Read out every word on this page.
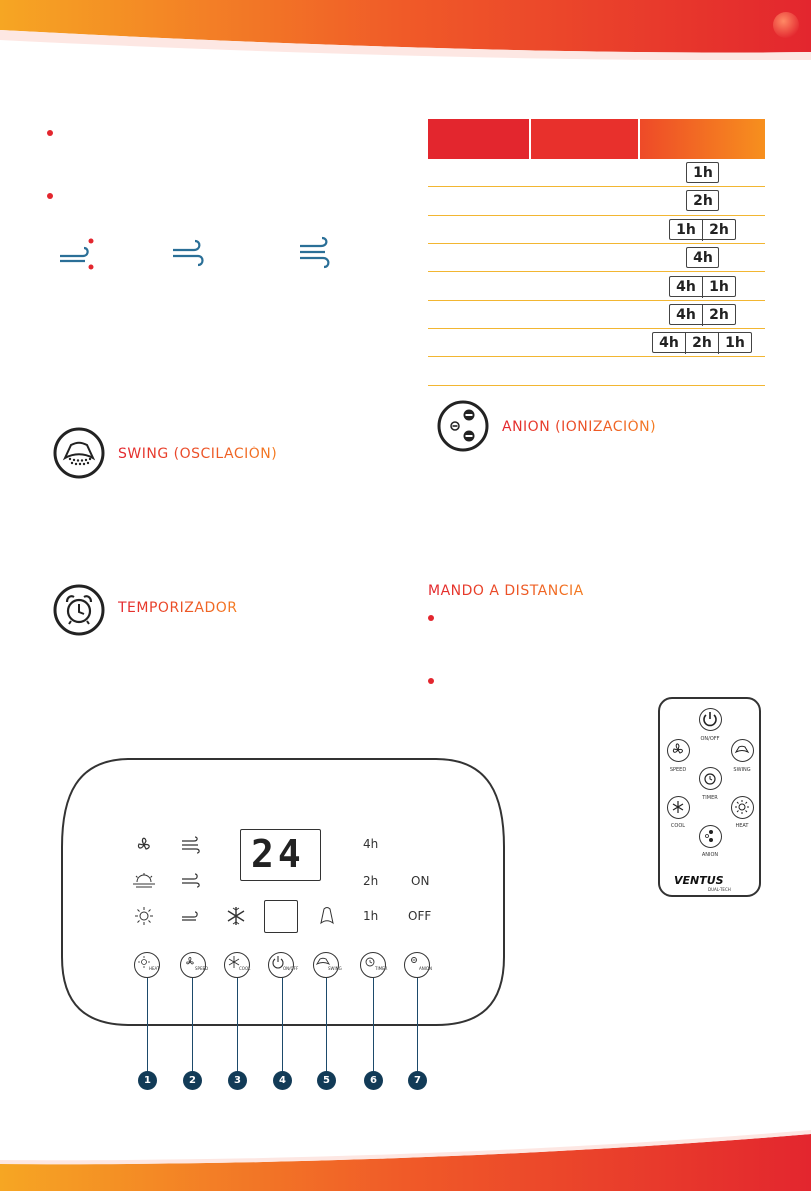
1h
2h
1h 2h
4h
4h 1h
4h 2h
4h 2h 1h
SWING (OSCILACIÓN)
ANION (IONIZACIÓN)
TEMPORIZADOR
MANDO A DISTANCIA
ON/OFF
SPEED	SWING
TIMER
COOL	HEAT
ANION
VENTUS
DUAL-TECH
24	4h
2h
1h
ON
OFF
HEAT	SPEED	COOL	ON/OFF	SWING	TIMER	ANION
1	2	3	4	5	6	7
